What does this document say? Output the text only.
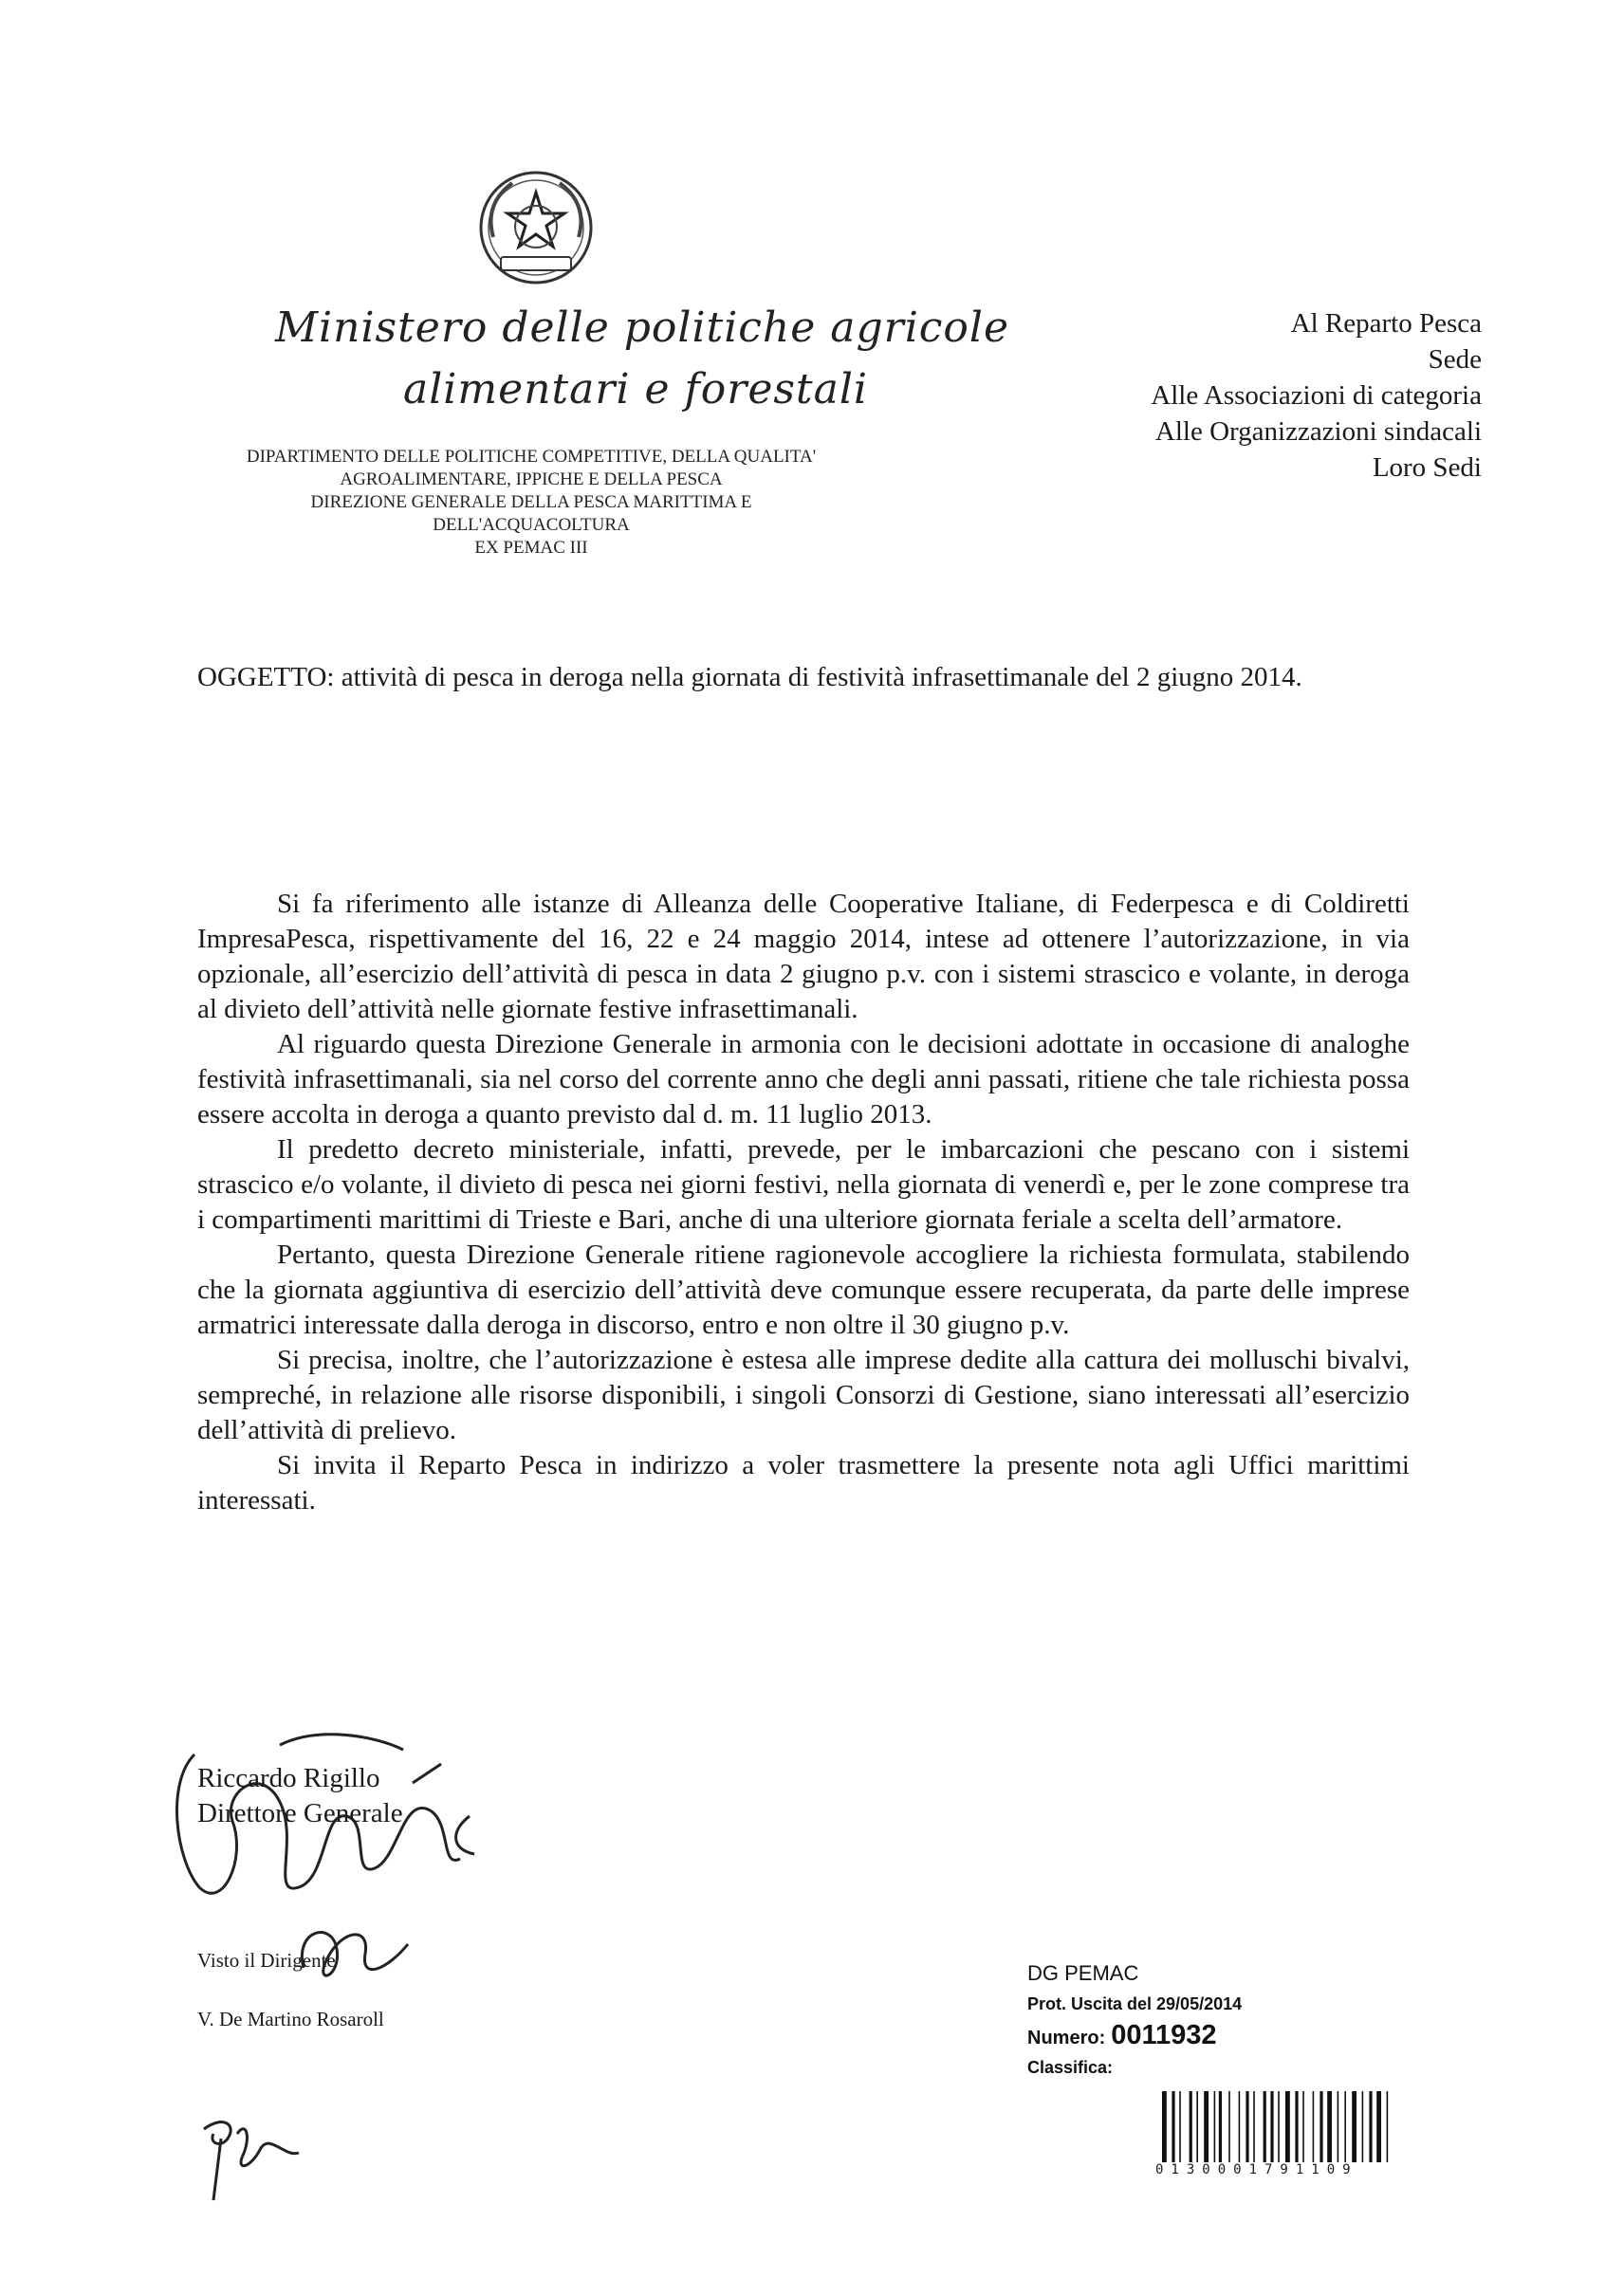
Ministero delle politiche agricole
alimentari e forestali
DIPARTIMENTO DELLE POLITICHE COMPETITIVE, DELLA QUALITA'
AGROALIMENTARE, IPPICHE E DELLA PESCA
DIREZIONE GENERALE DELLA PESCA MARITTIMA E
DELL'ACQUACOLTURA
EX PEMAC III
Al Reparto Pesca
Sede
Alle Associazioni di categoria
Alle Organizzazioni sindacali
Loro Sedi
OGGETTO: attività di pesca in deroga nella giornata di festività infrasettimanale del 2 giugno 2014.

Si fa riferimento alle istanze di Alleanza delle Cooperative Italiane, di Federpesca e di Coldiretti ImpresaPesca, rispettivamente del 16, 22 e 24 maggio 2014, intese ad ottenere l’autorizzazione, in via opzionale, all’esercizio dell’attività di pesca in data 2 giugno p.v. con i sistemi strascico e volante, in deroga al divieto dell’attività nelle giornate festive infrasettimanali.

Al riguardo questa Direzione Generale in armonia con le decisioni adottate in occasione di analoghe festività infrasettimanali, sia nel corso del corrente anno che degli anni passati, ritiene che tale richiesta possa essere accolta in deroga a quanto previsto dal d. m. 11 luglio 2013.

Il predetto decreto ministeriale, infatti, prevede, per le imbarcazioni che pescano con i sistemi strascico e/o volante, il divieto di pesca nei giorni festivi, nella giornata di venerdì e, per le zone comprese tra i compartimenti marittimi di Trieste e Bari, anche di una ulteriore giornata feriale a scelta dell’armatore.

Pertanto, questa Direzione Generale ritiene ragionevole accogliere la richiesta formulata, stabilendo che la giornata aggiuntiva di esercizio dell’attività deve comunque essere recuperata, da parte delle imprese armatrici interessate dalla deroga in discorso, entro e non oltre il 30 giugno p.v.

Si precisa, inoltre, che l’autorizzazione è estesa alle imprese dedite alla cattura dei molluschi bivalvi, sempreché, in relazione alle risorse disponibili, i singoli Consorzi di Gestione, siano interessati all’esercizio dell’attività di prelievo.

Si invita il Reparto Pesca in indirizzo a voler trasmettere la presente nota agli Uffici marittimi interessati.

Riccardo Rigillo
Direttore Generale
Visto il Dirigente
V. De Martino Rosaroll
DG PEMAC
Prot. Uscita del 29/05/2014
Numero: 0011932
Classifica:
0130001791109
